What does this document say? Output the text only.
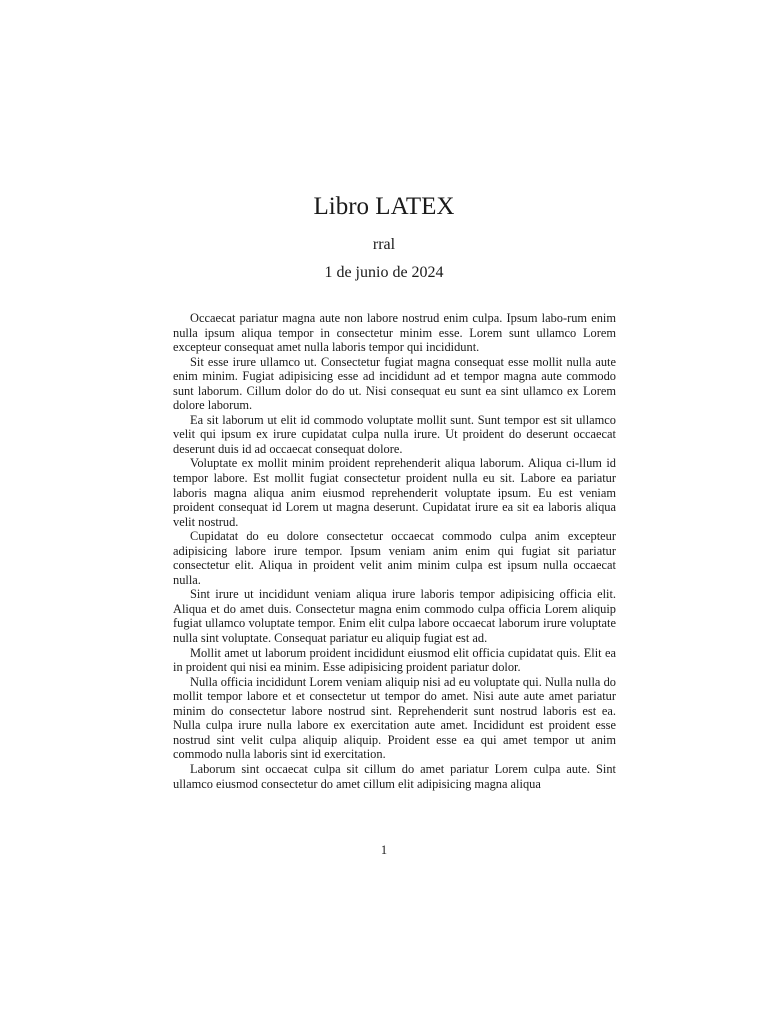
Libro LATEX
rral
1 de junio de 2024

Occaecat pariatur magna aute non labore nostrud enim culpa. Ipsum labo-rum enim nulla ipsum aliqua tempor in consectetur minim esse. Lorem sunt ullamco Lorem excepteur consequat amet nulla laboris tempor qui incididunt.

Sit esse irure ullamco ut. Consectetur fugiat magna consequat esse mollit nulla aute enim minim. Fugiat adipisicing esse ad incididunt ad et tempor magna aute commodo sunt laborum. Cillum dolor do do ut. Nisi consequat eu sunt ea sint ullamco ex Lorem dolore laborum.

Ea sit laborum ut elit id commodo voluptate mollit sunt. Sunt tempor est sit ullamco velit qui ipsum ex irure cupidatat culpa nulla irure. Ut proident do deserunt occaecat deserunt duis id ad occaecat consequat dolore.

Voluptate ex mollit minim proident reprehenderit aliqua laborum. Aliqua ci-llum id tempor labore. Est mollit fugiat consectetur proident nulla eu sit. Labore ea pariatur laboris magna aliqua anim eiusmod reprehenderit voluptate ipsum. Eu est veniam proident consequat id Lorem ut magna deserunt. Cupidatat irure ea sit ea laboris aliqua velit nostrud.

Cupidatat do eu dolore consectetur occaecat commodo culpa anim excepteur adipisicing labore irure tempor. Ipsum veniam anim enim qui fugiat sit pariatur consectetur elit. Aliqua in proident velit anim minim culpa est ipsum nulla occaecat nulla.

Sint irure ut incididunt veniam aliqua irure laboris tempor adipisicing officia elit. Aliqua et do amet duis. Consectetur magna enim commodo culpa officia Lorem aliquip fugiat ullamco voluptate tempor. Enim elit culpa labore occaecat laborum irure voluptate nulla sint voluptate. Consequat pariatur eu aliquip fugiat est ad.

Mollit amet ut laborum proident incididunt eiusmod elit officia cupidatat quis. Elit ea in proident qui nisi ea minim. Esse adipisicing proident pariatur dolor.

Nulla officia incididunt Lorem veniam aliquip nisi ad eu voluptate qui. Nulla nulla do mollit tempor labore et et consectetur ut tempor do amet. Nisi aute aute amet pariatur minim do consectetur labore nostrud sint. Reprehenderit sunt nostrud laboris est ea. Nulla culpa irure nulla labore ex exercitation aute amet. Incididunt est proident esse nostrud sint velit culpa aliquip aliquip. Proident esse ea qui amet tempor ut anim commodo nulla laboris sint id exercitation.

Laborum sint occaecat culpa sit cillum do amet pariatur Lorem culpa aute. Sint ullamco eiusmod consectetur do amet cillum elit adipisicing magna aliqua

1
